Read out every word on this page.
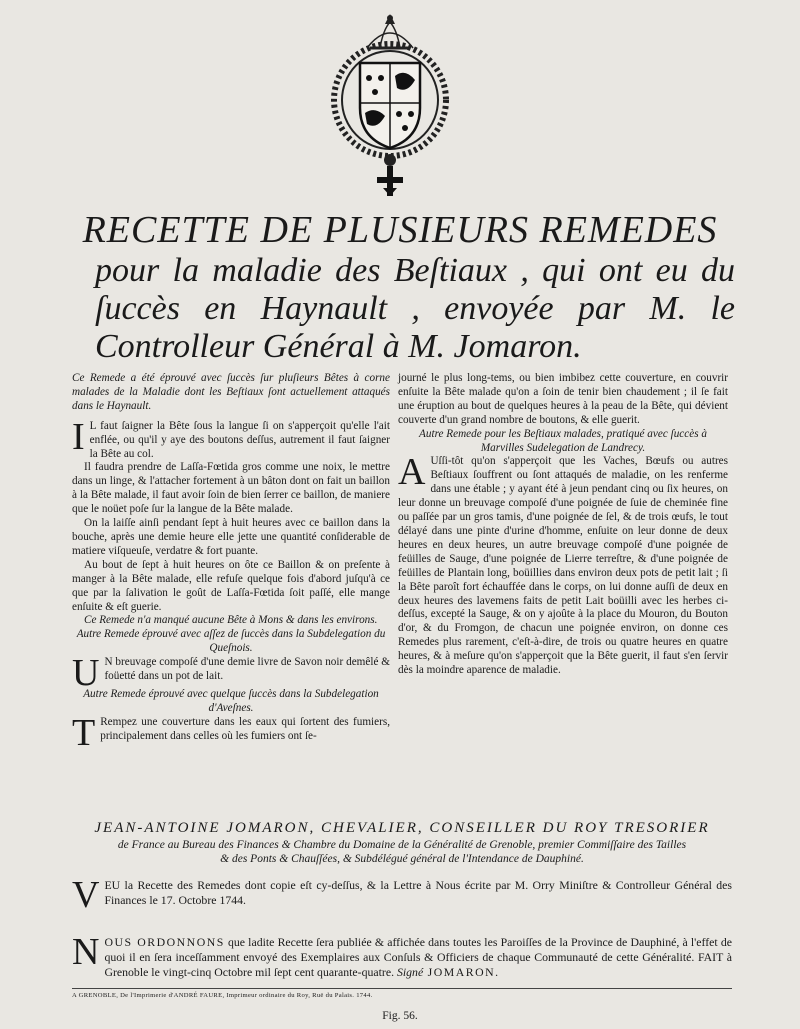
RECETTE DE PLUSIEURS REMEDES
pour la maladie des Beſtiaux , qui ont eu du ſuccès en Haynault , envoyée par M. le Controlleur Général à M. Jomaron.

Ce Remede a été éprouvé avec ſuccès ſur pluſieurs Bêtes à corne malades de la Maladie dont les Beſtiaux ſont actuellement attaqués dans le Haynault.

I L faut ſaigner la Bête ſous la langue ſi on s'apperçoit qu'elle l'ait enflée, ou qu'il y aye des boutons deſſus, autrement il faut ſaigner la Bête au col.

Il faudra prendre de Laſſa-Fœtida gros comme une noix, le mettre dans un linge, & l'attacher fortement à un bâton dont on fait un baillon à la Bête malade, il faut avoir ſoin de bien ſerrer ce baillon, de maniere que le noüet poſe ſur la langue de la Bête malade.

On la laiſſe ainſi pendant ſept à huit heures avec ce baillon dans la bouche, après une demie heure elle jette une quantité conſiderable de matiere viſqueuſe, verdatre & fort puante.

Au bout de ſept à huit heures on ôte ce Baillon & on preſente à manger à la Bête malade, elle refuſe quelque fois d'abord juſqu'à ce que par la ſalivation le goût de Laſſa-Fœtida ſoit paſſé, elle mange enſuite & eſt guerie.

Ce Remede n'a manqué aucune Bête à Mons & dans les environs.

Autre Remede éprouvé avec aſſez de ſuccès dans la Subdelegation du Queſnois.

U N breuvage compoſé d'une demie livre de Savon noir demêlé & foüetté dans un pot de lait.

Autre Remede éprouvé avec quelque ſuccès dans la Subdelegation d'Aveſnes.

T Rempez une couverture dans les eaux qui ſortent des fumiers, principalement dans celles où les fumiers ont ſe-

journé le plus long-tems, ou bien imbibez cette couverture, en couvrir enſuite la Bête malade qu'on a ſoin de tenir bien chaudement ; il ſe fait une éruption au bout de quelques heures à la peau de la Bête, qui dévient couverte d'un grand nombre de boutons, & elle guerit.

Autre Remede pour les Beſtiaux malades, pratiqué avec ſuccès à Marvilles Sudelegation de Landrecy.

A Uſſi-tôt qu'on s'apperçoit que les Vaches, Bœufs ou autres Beſtiaux ſouffrent ou ſont attaqués de maladie, on les renferme dans une étable ; y ayant été à jeun pendant cinq ou ſix heures, on leur donne un breuvage compoſé d'une poignée de ſuie de cheminée fine ou paſſée par un gros tamis, d'une poignée de ſel, & de trois œufs, le tout délayé dans une pinte d'urine d'homme, enſuite on leur donne de deux heures en deux heures, un autre breuvage compoſé d'une poignée de feüilles de Sauge, d'une poignée de Lierre terreſtre, & d'une poignée de feüilles de Plantain long, boüillies dans environ deux pots de petit lait ; ſi la Bête paroît fort échauffée dans le corps, on lui donne auſſi de deux en deux heures des lavemens faits de petit Lait boüilli avec les herbes ci-deſſus, excepté la Sauge, & on y ajoûte à la place du Mouron, du Bouton d'or, & du Fromgon, de chacun une poignée environ, on donne ces Remedes plus rarement, c'eſt-à-dire, de trois ou quatre heures en quatre heures, & à meſure qu'on s'apperçoit que la Bête guerit, il faut s'en ſervir dès la moindre aparence de maladie.

JEAN-ANTOINE JOMARON, CHEVALIER, CONSEILLER DU ROY TRESORIER
de France au Bureau des Finances & Chambre du Domaine de la Généralité de Grenoble, premier Commiſſaire des Tailles
& des Ponts & Chauſſées, & Subdélégué général de l'Intendance de Dauphiné.
VEU la Recette des Remedes dont copie eſt cy-deſſus, & la Lettre à Nous écrite par M. Orry Miniſtre & Controlleur Général des Finances le 17. Octobre 1744.
NOUS ORDONNONS que ladite Recette ſera publiée & affichée dans toutes les Paroiſſes de la Province de Dauphiné, à l'effet de quoi il en ſera inceſſamment envoyé des Exemplaires aux Conſuls & Officiers de chaque Communauté de cette Généralité. FAIT à Grenoble le vingt-cinq Octobre mil ſept cent quarante-quatre. Signé JOMARON.
A GRENOBLE, De l'Imprimerie d'ANDRÉ FAURE, Imprimeur ordinaire du Roy, Ruë du Palais. 1744.
Fig. 56.
